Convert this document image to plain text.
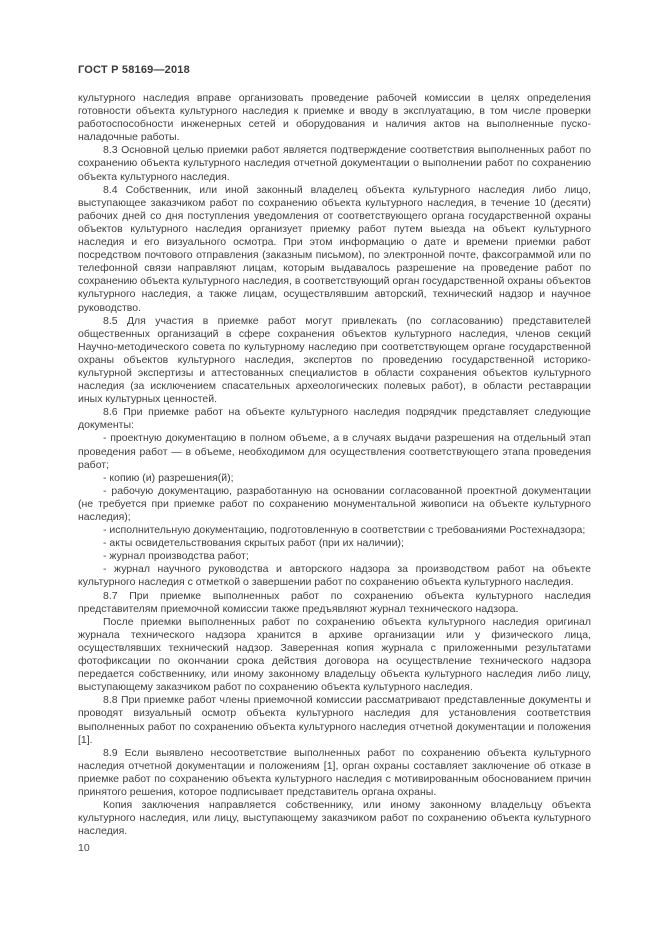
ГОСТ Р 58169—2018

культурного наследия вправе организовать проведение рабочей комиссии в целях определения готовности объекта культурного наследия к приемке и вводу в эксплуатацию, в том числе проверки работоспособности инженерных сетей и оборудования и наличия актов на выполненные пуско-наладочные работы.

8.3 Основной целью приемки работ является подтверждение соответствия выполненных работ по сохранению объекта культурного наследия отчетной документации о выполнении работ по сохранению объекта культурного наследия.

8.4 Собственник, или иной законный владелец объекта культурного наследия либо лицо, выступающее заказчиком работ по сохранению объекта культурного наследия, в течение 10 (десяти) рабочих дней со дня поступления уведомления от соответствующего органа государственной охраны объектов культурного наследия организует приемку работ путем выезда на объект культурного наследия и его визуального осмотра. При этом информацию о дате и времени приемки работ посредством почтового отправления (заказным письмом), по электронной почте, факсограммой или по телефонной связи направляют лицам, которым выдавалось разрешение на проведение работ по сохранению объекта культурного наследия, в соответствующий орган государственной охраны объектов культурного наследия, а также лицам, осуществлявшим авторский, технический надзор и научное руководство.

8.5 Для участия в приемке работ могут привлекать (по согласованию) представителей общественных организаций в сфере сохранения объектов культурного наследия, членов секций Научно-методического совета по культурному наследию при соответствующем органе государственной охраны объектов культурного наследия, экспертов по проведению государственной историко-культурной экспертизы и аттестованных специалистов в области сохранения объектов культурного наследия (за исключением спасательных археологических полевых работ), в области реставрации иных культурных ценностей.

8.6 При приемке работ на объекте культурного наследия подрядчик представляет следующие документы:

- проектную документацию в полном объеме, а в случаях выдачи разрешения на отдельный этап проведения работ — в объеме, необходимом для осуществления соответствующего этапа проведения работ;

- копию (и) разрешения(й);

- рабочую документацию, разработанную на основании согласованной проектной документации (не требуется при приемке работ по сохранению монументальной живописи на объекте культурного наследия);

- исполнительную документацию, подготовленную в соответствии с требованиями Ростехнадзора;

- акты освидетельствования скрытых работ (при их наличии);

- журнал производства работ;

- журнал научного руководства и авторского надзора за производством работ на объекте культурного наследия с отметкой о завершении работ по сохранению объекта культурного наследия.

8.7 При приемке выполненных работ по сохранению объекта культурного наследия представителям приемочной комиссии также предъявляют журнал технического надзора.

После приемки выполненных работ по сохранению объекта культурного наследия оригинал журнала технического надзора хранится в архиве организации или у физического лица, осуществлявших технический надзор. Заверенная копия журнала с приложенными результатами фотофиксации по окончании срока действия договора на осуществление технического надзора передается собственнику, или иному законному владельцу объекта культурного наследия либо лицу, выступающему заказчиком работ по сохранению объекта культурного наследия.

8.8 При приемке работ члены приемочной комиссии рассматривают представленные документы и проводят визуальный осмотр объекта культурного наследия для установления соответствия выполненных работ по сохранению объекта культурного наследия отчетной документации и положения [1].

8.9 Если выявлено несоответствие выполненных работ по сохранению объекта культурного наследия отчетной документации и положениям [1], орган охраны составляет заключение об отказе в приемке работ по сохранению объекта культурного наследия с мотивированным обоснованием причин принятого решения, которое подписывает представитель органа охраны.

Копия заключения направляется собственнику, или иному законному владельцу объекта культурного наследия, или лицу, выступающему заказчиком работ по сохранению объекта культурного наследия.

10
